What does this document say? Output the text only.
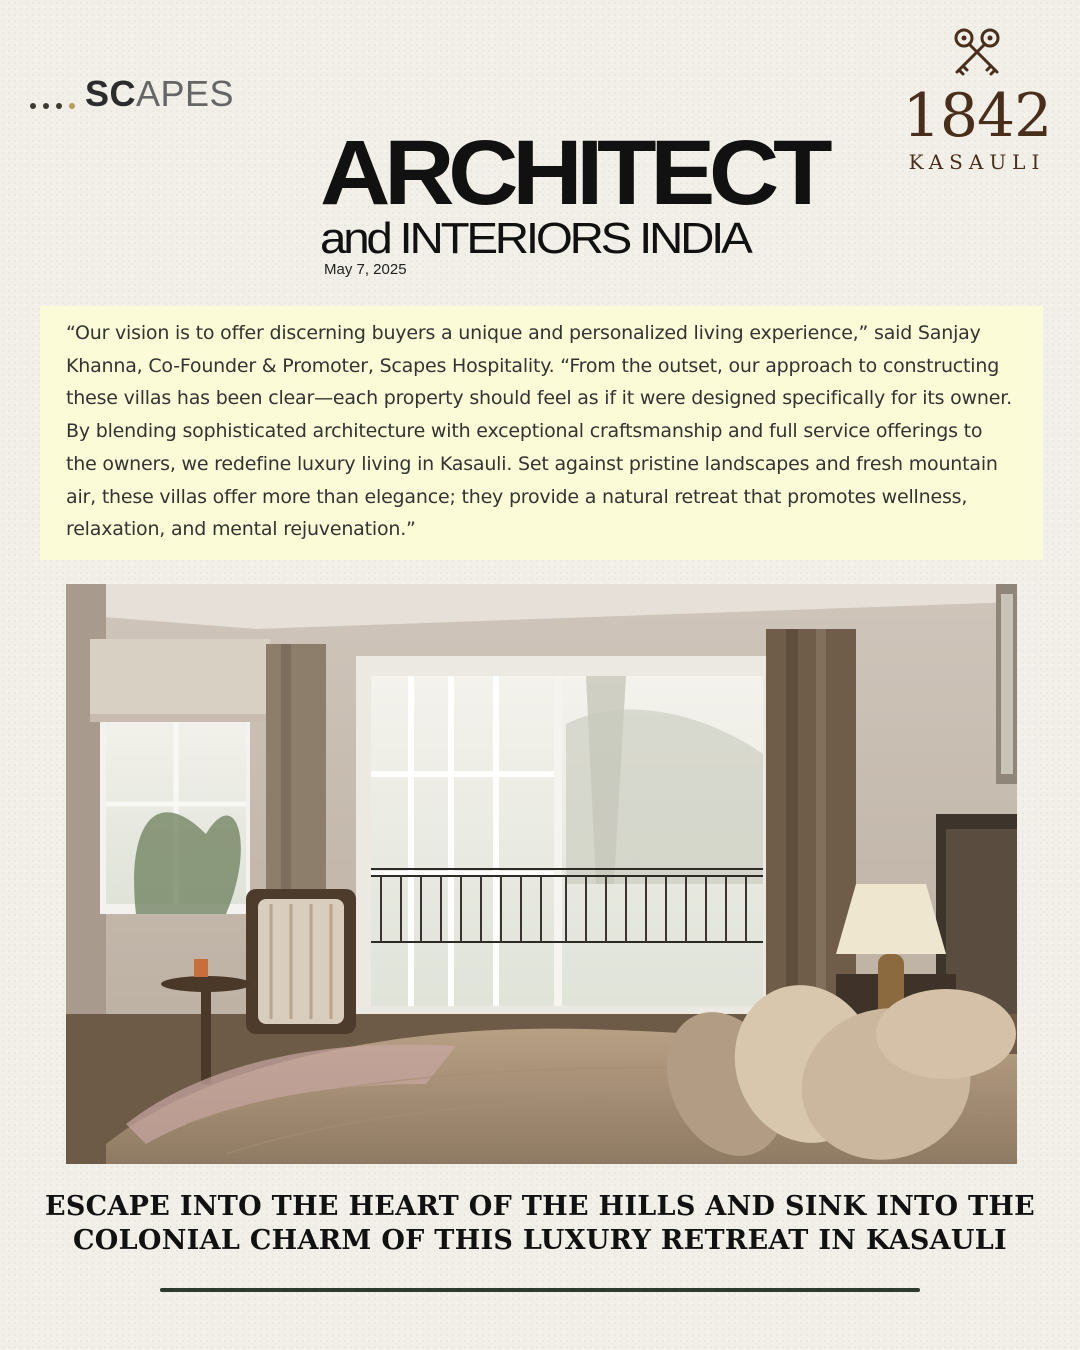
SCAPES	1842
KASAULI
ARCHITECT
and INTERIORS INDIA
May 7, 2025
“Our vision is to offer discerning buyers a unique and personalized living experience,” said Sanjay Khanna, Co-Founder & Promoter, Scapes Hospitality. “From the outset, our approach to constructing these villas has been clear—each property should feel as if it were designed specifically for its owner. By blending sophisticated architecture with exceptional craftsmanship and full service offerings to the owners, we redefine luxury living in Kasauli. Set against pristine landscapes and fresh mountain air, these villas offer more than elegance; they provide a natural retreat that promotes wellness, relaxation, and mental rejuvenation.”
ESCAPE INTO THE HEART OF THE HILLS AND SINK INTO THE
COLONIAL CHARM OF THIS LUXURY RETREAT IN KASAULI
